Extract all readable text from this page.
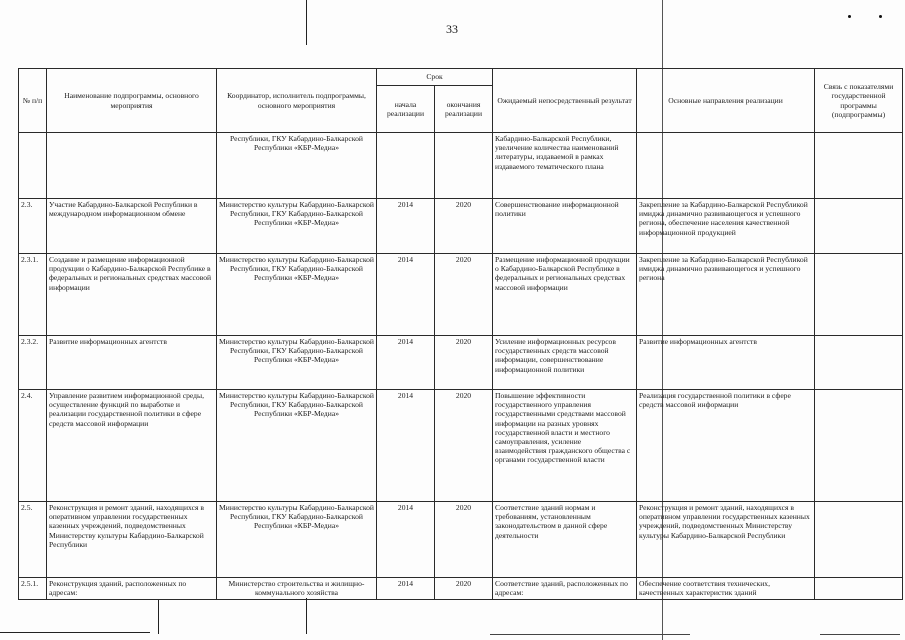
33
№ п/п	Наименование подпрограммы, основного мероприятия	Координатор, исполнитель подпрограммы, основного мероприятия	Срок		Ожидаемый непосредственный результат	Основные направления реализации	Связь с показателями государственной программы (подпрограммы)
			начала реализации	окончания реализации			
		Республики, ГКУ Кабардино-Балкарской Республики «КБР-Медиа»			Кабардино-Балкарской Республики, увеличение количества наименований литературы, издаваемой в рамках издаваемого тематического плана		
2.3.	Участие Кабардино-Балкарской Республики в международном информационном обмене	Министерство культуры Кабардино-Балкарской Республики, ГКУ Кабардино-Балкарской Республики «КБР-Медиа»	2014	2020	Совершенствование информационной политики	Закрепление за Кабардино-Балкарской Республикой имиджа динамично развивающегося и успешного региона, обеспечение населения качественной информационной продукцией	
2.3.1.	Создание и размещение информационной продукции о Кабардино-Балкарской Республике в федеральных и региональных средствах массовой информации	Министерство культуры Кабардино-Балкарской Республики, ГКУ Кабардино-Балкарской Республики «КБР-Медиа»	2014	2020	Размещение информационной продукции о Кабардино-Балкарской Республике в федеральных и региональных средствах массовой информации	Закрепление за Кабардино-Балкарской Республикой имиджа динамично развивающегося и успешного региона	
2.3.2.	Развитие информационных агентств	Министерство культуры Кабардино-Балкарской Республики, ГКУ Кабардино-Балкарской Республики «КБР-Медиа»	2014	2020	Усиление информационных ресурсов государственных средств массовой информации, совершенствование информационной политики	Развитие информационных агентств	
2.4.	Управление развитием информационной среды, осуществление функций по выработке и реализации государственной политики в сфере средств массовой информации	Министерство культуры Кабардино-Балкарской Республики, ГКУ Кабардино-Балкарской Республики «КБР-Медиа»	2014	2020	Повышение эффективности государственного управления государственными средствами массовой информации на разных уровнях государственной власти и местного самоуправления, усиление взаимодействия гражданского общества с органами государственной власти	Реализация государственной политики в сфере средств массовой информации	
2.5.	Реконструкция и ремонт зданий, находящихся в оперативном управлении государственных казенных учреждений, подведомственных Министерству культуры Кабардино-Балкарской Республики	Министерство культуры Кабардино-Балкарской Республики, ГКУ Кабардино-Балкарской Республики «КБР-Медиа»	2014	2020	Соответствие зданий нормам и требованиям, установленным законодательством в данной сфере деятельности	Реконструкция и ремонт зданий, находящихся в оперативном управлении государственных казенных учреждений, подведомственных Министерству культуры Кабардино-Балкарской Республики	
2.5.1.	Реконструкция зданий, расположенных по адресам:	Министерство строительства и жилищно-коммунального хозяйства	2014	2020	Соответствие зданий, расположенных по адресам:	Обеспечение соответствия технических, качественных характеристик зданий	
